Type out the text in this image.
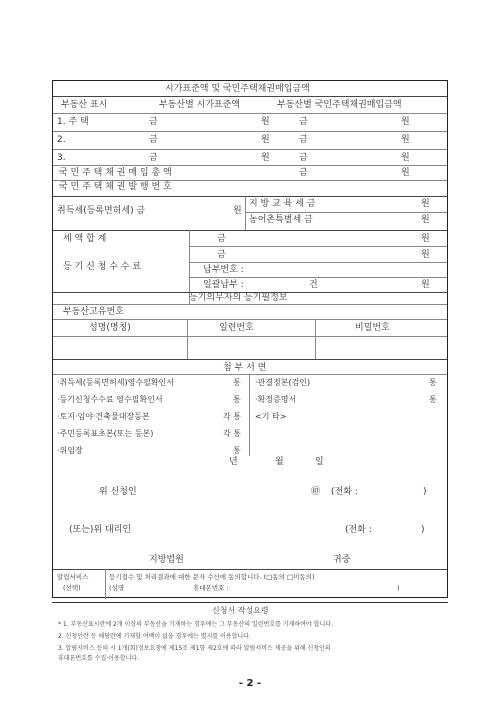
시가표준액 및 국민주택채권매입금액
부동산 표시	부동산별 시가표준액	부동산별 국민주택채권매입금액
1. 주 택	금	원	금	원
2.	금	원	금	원
3.	금	원	금	원
국 민 주 택 채 권 매 입 총 액	금	원
국 민 주 택 채 권 발 행 번 호
취득세(등록면허세) 금	원
지 방 교 육 세 금	원
농어촌특별세 금	원
세 액 합 계	금	원
등 기 신 청 수 수 료
금	원
납부번호 :
일괄납부 :	건	원
등기의무자의 등기필정보
부동산고유번호
성명(명칭)	일련번호	비밀번호
첨 부 서 면
·취득세(등록면허세)영수필확인서	통
·등기신청수수료 영수필확인서	통
·토지·임야·건축물대장등본	각 통
·주민등록표초본(또는 등본)	각 통
·위임장	통
·관결정본(검인)	통
·확정증명서	통
<기 타>
년	월	일
위 신청인	㊞ (전화 :	)
(또는)위 대리인	(전화 :	)
지방법원	귀중
알림서비스
(선택)
등기접수 및 처리결과에 대한 문자 수신에 동의합니다. (□동의 □미동의)
(성명	휴대폰번호 :	)
신청서 작성요령
* 1. 부동산표시란에 2개 이상의 부동산을 기재하는 경우에는 그 부동산의 일련번호를 기재하여야 합니다.
2. 신청인란 등 해당란에 기재할 여백이 없을 경우에는 별지를 이용합니다.
3. 알림서비스 등의 시 1개(회)정보요청에 제15조 제1항 제2호에 따라 알림서비스 제공을 위해 신청인의
휴대폰번호를 수집·이용합니다.
- 2 -
